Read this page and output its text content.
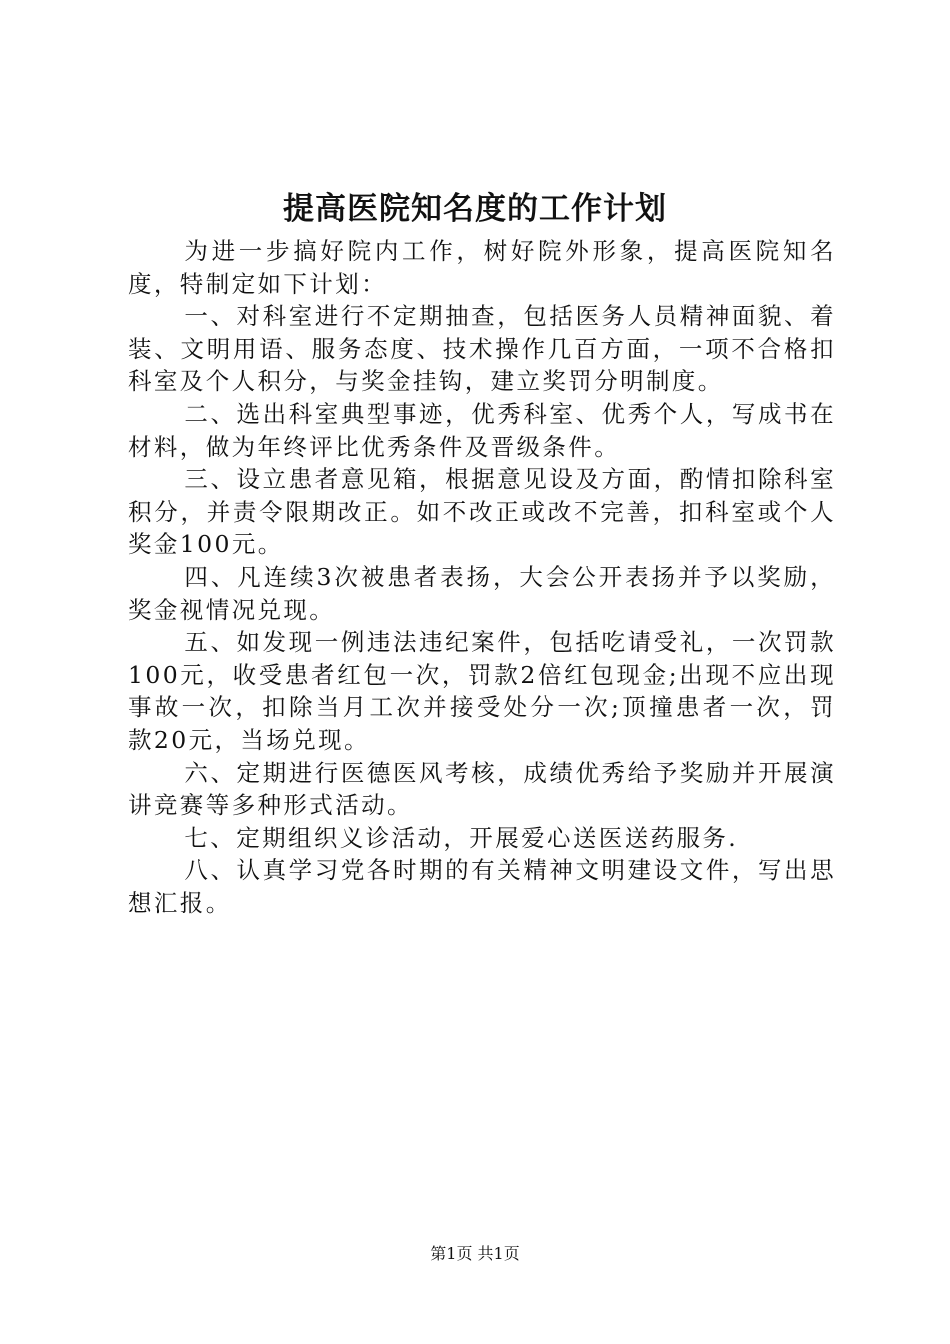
提高医院知名度的工作计划

为进一步搞好院内工作，树好院外形象，提高医院知名度，特制定如下计划：

一、对科室进行不定期抽查，包括医务人员精神面貌、着装、文明用语、服务态度、技术操作几百方面，一项不合格扣科室及个人积分，与奖金挂钩，建立奖罚分明制度。

二、选出科室典型事迹，优秀科室、优秀个人，写成书在材料，做为年终评比优秀条件及晋级条件。

三、设立患者意见箱，根据意见设及方面，酌情扣除科室积分，并责令限期改正。如不改正或改不完善，扣科室或个人奖金100元。

四、凡连续3次被患者表扬，大会公开表扬并予以奖励，奖金视情况兑现。

五、如发现一例违法违纪案件，包括吃请受礼，一次罚款100元，收受患者红包一次，罚款2倍红包现金;出现不应出现事故一次，扣除当月工次并接受处分一次;顶撞患者一次，罚款20元，当场兑现。

六、定期进行医德医风考核，成绩优秀给予奖励并开展演讲竞赛等多种形式活动。

七、定期组织义诊活动，开展爱心送医送药服务.

八、认真学习党各时期的有关精神文明建设文件，写出思想汇报。

第1页 共1页
